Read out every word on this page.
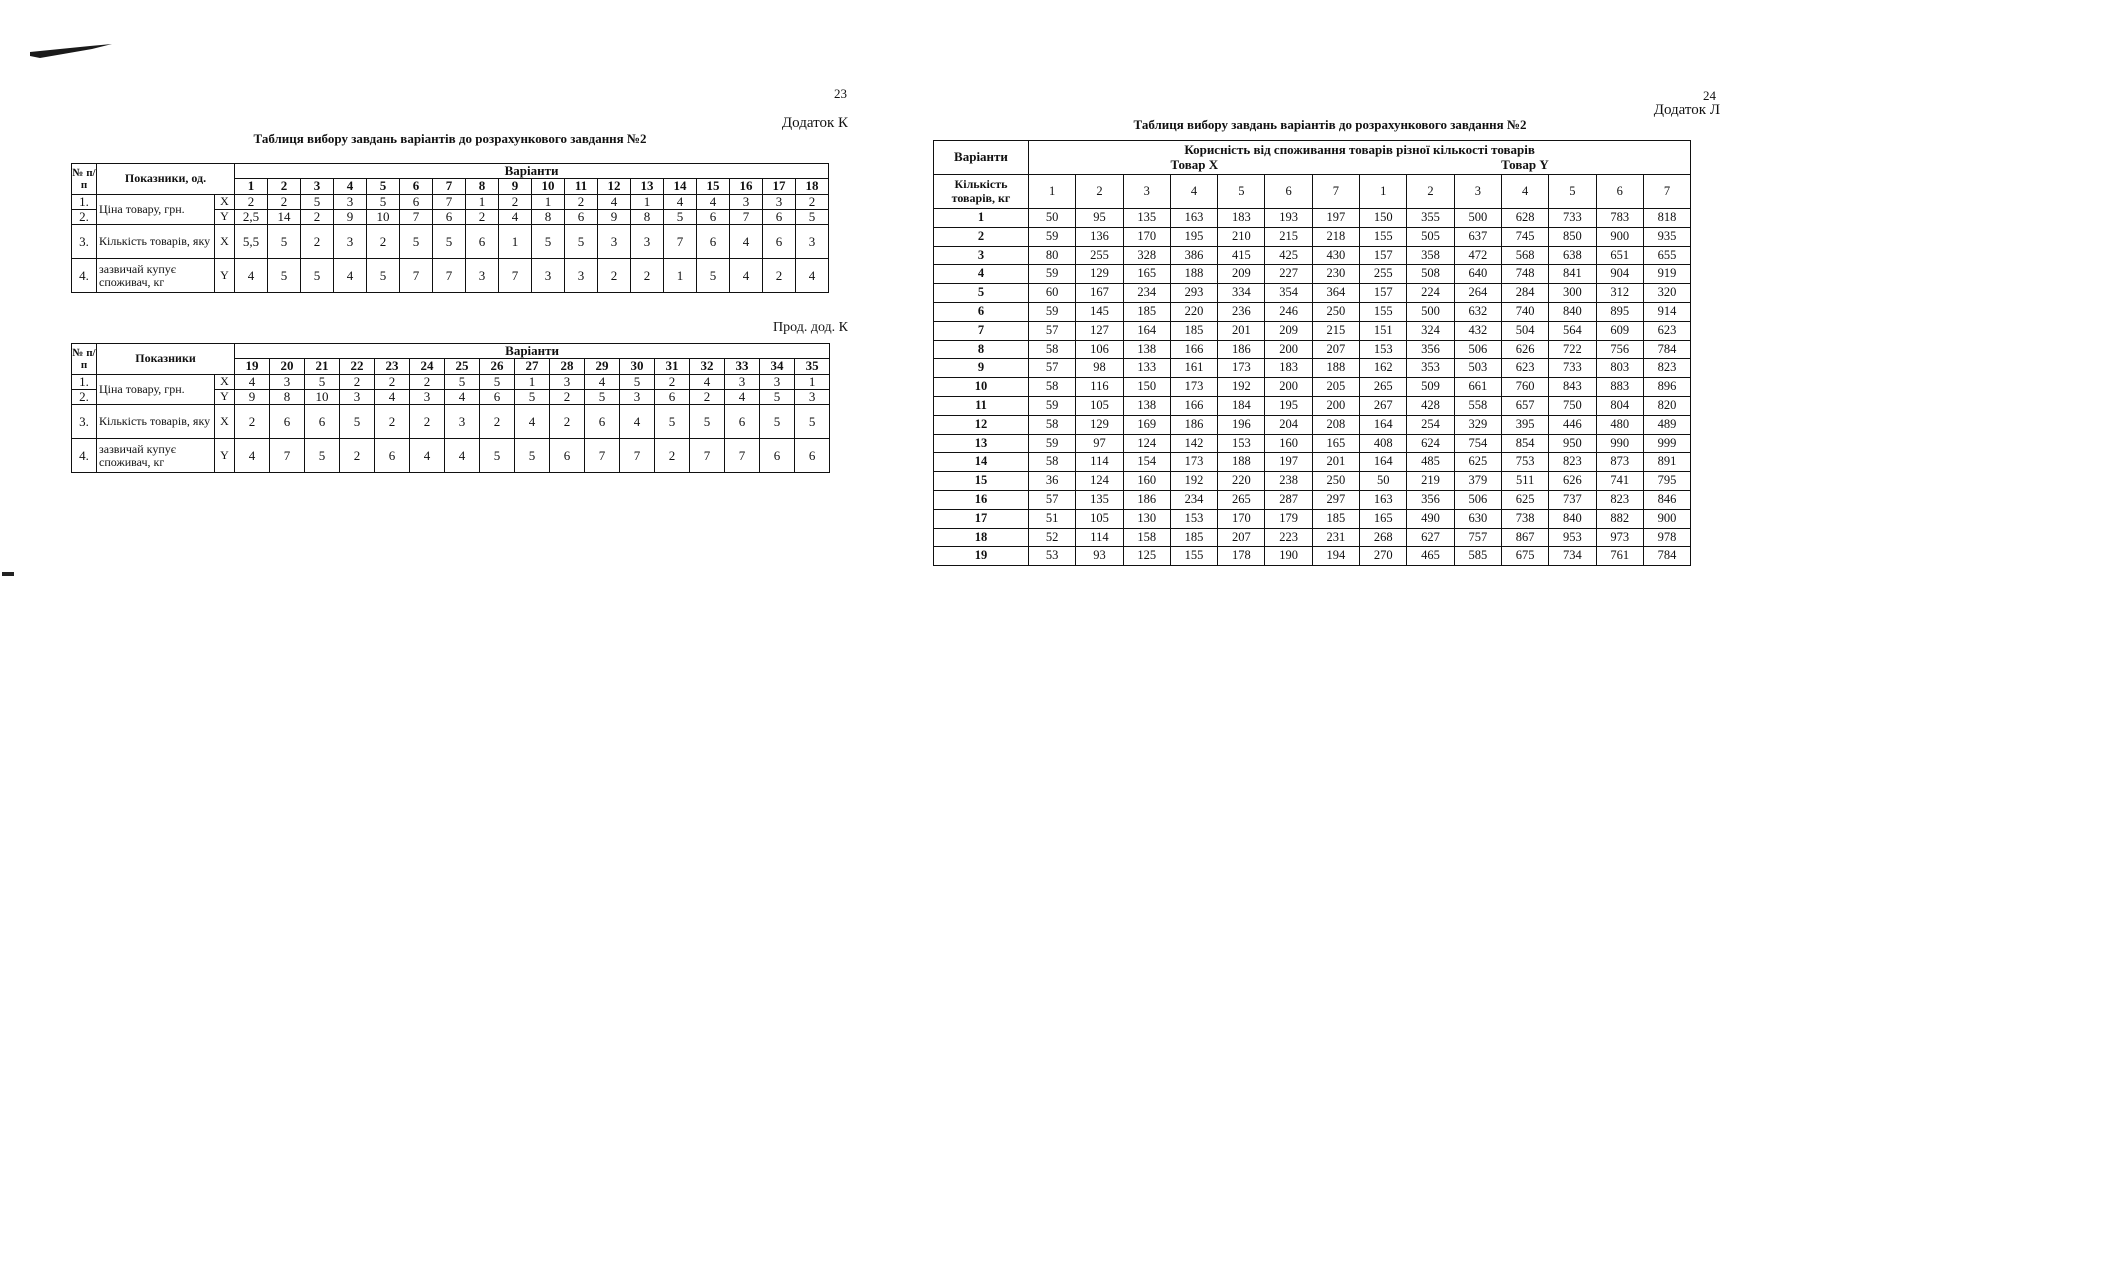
23
Додаток К
Таблиця вибору завдань варіантів до розрахункового завдання №2
№ п/п	Показники, од.		Варіанти																	
			1	2	3	4	5	6	7	8	9	10	11	12	13	14	15	16	17	18
1.	Ціна товару, грн.	X	2	2	5	3	5	6	7	1	2	1	2	4	1	4	4	3	3	2
2.		Y	2,5	14	2	9	10	7	6	2	4	8	6	9	8	5	6	7	6	5
3.	Кількість товарів, яку	X	5,5	5	2	3	2	5	5	6	1	5	5	3	3	7	6	4	6	3
4.	зазвичай купує споживач, кг	Y	4	5	5	4	5	7	7	3	7	3	3	2	2	1	5	4	2	4
Прод. дод. К
№ п/п	Показники		Варіанти																
			19	20	21	22	23	24	25	26	27	28	29	30	31	32	33	34	35
1.	Ціна товару, грн.	X	4	3	5	2	2	2	5	5	1	3	4	5	2	4	3	3	1
2.		Y	9	8	10	3	4	3	4	6	5	2	5	3	6	2	4	5	3
3.	Кількість товарів, яку	X	2	6	6	5	2	2	3	2	4	2	6	4	5	5	6	5	5
4.	зазвичай купує споживач, кг	Y	4	7	5	2	6	4	4	5	5	6	7	7	2	7	7	6	6
24
Додаток Л
Таблиця вибору завдань варіантів до розрахункового завдання №2
Варіанти	Корисність від споживання товарів різної кількості товарів
Товар X Товар Y													

Кількість товарів, кг	1	2	3	4	5	6	7	1	2	3	4	5	6	7
1	50	95	135	163	183	193	197	150	355	500	628	733	783	818
2	59	136	170	195	210	215	218	155	505	637	745	850	900	935
3	80	255	328	386	415	425	430	157	358	472	568	638	651	655
4	59	129	165	188	209	227	230	255	508	640	748	841	904	919
5	60	167	234	293	334	354	364	157	224	264	284	300	312	320
6	59	145	185	220	236	246	250	155	500	632	740	840	895	914
7	57	127	164	185	201	209	215	151	324	432	504	564	609	623
8	58	106	138	166	186	200	207	153	356	506	626	722	756	784
9	57	98	133	161	173	183	188	162	353	503	623	733	803	823
10	58	116	150	173	192	200	205	265	509	661	760	843	883	896
11	59	105	138	166	184	195	200	267	428	558	657	750	804	820
12	58	129	169	186	196	204	208	164	254	329	395	446	480	489
13	59	97	124	142	153	160	165	408	624	754	854	950	990	999
14	58	114	154	173	188	197	201	164	485	625	753	823	873	891
15	36	124	160	192	220	238	250	50	219	379	511	626	741	795
16	57	135	186	234	265	287	297	163	356	506	625	737	823	846
17	51	105	130	153	170	179	185	165	490	630	738	840	882	900
18	52	114	158	185	207	223	231	268	627	757	867	953	973	978
19	53	93	125	155	178	190	194	270	465	585	675	734	761	784
